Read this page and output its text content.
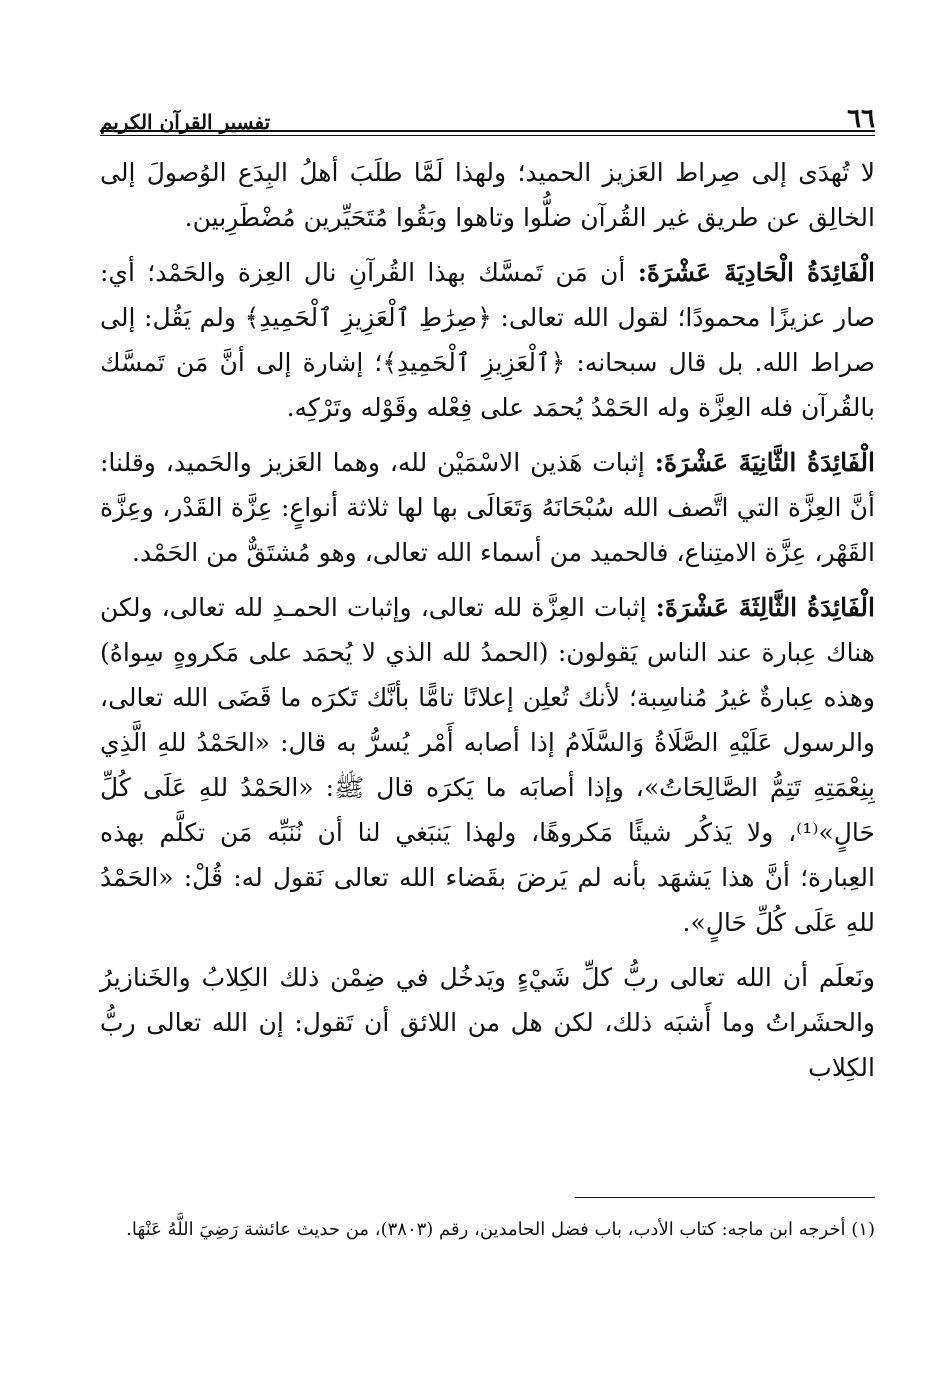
٦٦
تفسير القرآن الكريم

لا تُهدَى إلى صِراط العَزيز الحميد؛ ولهذا لَمَّا طلَبَ أهلُ البِدَع الوُصولَ إلى الخالِق عن طريق غير القُرآن ضلُّوا وتاهوا وبَقُوا مُتَحَيِّرين مُضْطَرِبين.

الْفَائِدَةُ الْحَادِيَةَ عَشْرَةَ: أن مَن تَمسَّك بهذا القُرآنِ نال العِزة والحَمْد؛ أي: صار عزيزًا محمودًا؛ لقول الله تعالى: ﴿صِرَٰطِ ٱلْعَزِيزِ ٱلْحَمِيدِ﴾ ولم يَقُل: إلى صراط الله. بل قال سبحانه: ﴿ٱلْعَزِيزِ ٱلْحَمِيدِ﴾؛ إشارة إلى أنَّ مَن تَمسَّك بالقُرآن فله العِزَّة وله الحَمْدُ يُحمَد على فِعْله وقَوْله وتَرْكِه.

الْفَائِدَةُ الثَّانِيَةَ عَشْرَةَ: إثبات هَذين الاسْمَيْن لله، وهما العَزيز والحَميد، وقلنا: أنَّ العِزَّة التي اتَّصف الله سُبْحَانَهُ وَتَعَالَى بها لها ثلاثة أنواعٍ: عِزَّة القَدْر، وعِزَّة القَهْر، عِزَّة الامتِناع، فالحميد من أسماء الله تعالى، وهو مُشتَقٌّ من الحَمْد.

الْفَائِدَةُ الثَّالِثَةَ عَشْرَةَ: إثبات العِزَّة لله تعالى، وإثبات الحمـدِ لله تعالى، ولكن هناك عِبارة عند الناس يَقولون: (الحمدُ لله الذي لا يُحمَد على مَكروهٍ سِواهُ) وهذه عِبارةٌ غيرُ مُناسِبة؛ لأنك تُعلِن إعلانًا تامًّا بأنَّك تَكرَه ما قَضَى الله تعالى، والرسول عَلَيْهِ الصَّلَاةُ وَالسَّلَامُ إذا أصابه أَمْر يُسرُّ به قال: «الحَمْدُ للهِ الَّذِي بِنِعْمَتِهِ تَتِمُّ الصَّالِحَاتُ»، وإذا أصابَه ما يَكرَه قال ﷺ: «الحَمْدُ للهِ عَلَى كُلِّ حَالٍ»⁽¹⁾، ولا يَذكُر شيئًا مَكروهًا، ولهذا يَنبَغي لنا أن نُنَبِّه مَن تكلَّم بهذه العِبارة؛ أنَّ هذا يَشهَد بأنه لم يَرضَ بقَضاء الله تعالى نَقول له: قُلْ: «الحَمْدُ للهِ عَلَى كُلِّ حَالٍ».

ونَعلَم أن الله تعالى ربُّ كلِّ شَيْءٍ ويَدخُل في ضِمْن ذلك الكِلابُ والخَنازيرُ والحشَراتُ وما أَشبَه ذلك، لكن هل من اللائق أن تَقول: إن الله تعالى ربُّ الكِلاب

(١) أخرجه ابن ماجه: كتاب الأدب، باب فضل الحامدين، رقم (٣٨٠٣)، من حديث عائشة رَضِيَ اللَّهُ عَنْهَا.
